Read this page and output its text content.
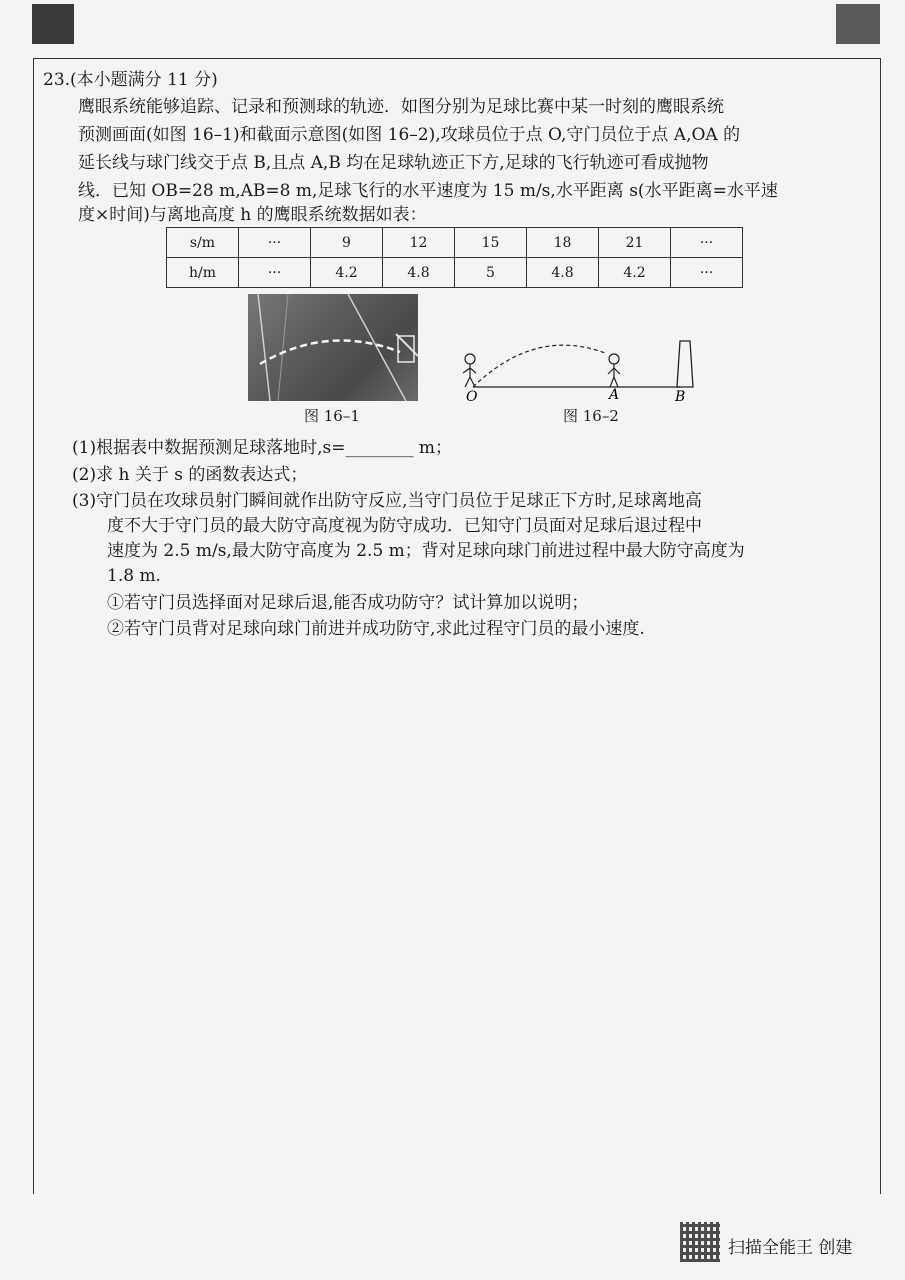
23.(本小题满分 11 分)
鹰眼系统能够追踪、记录和预测球的轨迹．如图分别为足球比赛中某一时刻的鹰眼系统
预测画面(如图 16–1)和截面示意图(如图 16–2),攻球员位于点 O,守门员位于点 A,OA 的
延长线与球门线交于点 B,且点 A,B 均在足球轨迹正下方,足球的飞行轨迹可看成抛物
线．已知 OB=28 m,AB=8 m,足球飞行的水平速度为 15 m/s,水平距离 s(水平距离=水平速
度×时间)与离地高度 h 的鹰眼系统数据如表：
s/m	···	9	12	15	18	21	···
h/m	···	4.2	4.8	5	4.8	4.2	···
图 16–1
O	A	B
图 16–2
(1)根据表中数据预测足球落地时,s=________ m；
(2)求 h 关于 s 的函数表达式；
(3)守门员在攻球员射门瞬间就作出防守反应,当守门员位于足球正下方时,足球离地高
度不大于守门员的最大防守高度视为防守成功．已知守门员面对足球后退过程中
速度为 2.5 m/s,最大防守高度为 2.5 m；背对足球向球门前进过程中最大防守高度为
1.8 m.
①若守门员选择面对足球后退,能否成功防守？试计算加以说明；
②若守门员背对足球向球门前进并成功防守,求此过程守门员的最小速度.
扫描全能王 创建
